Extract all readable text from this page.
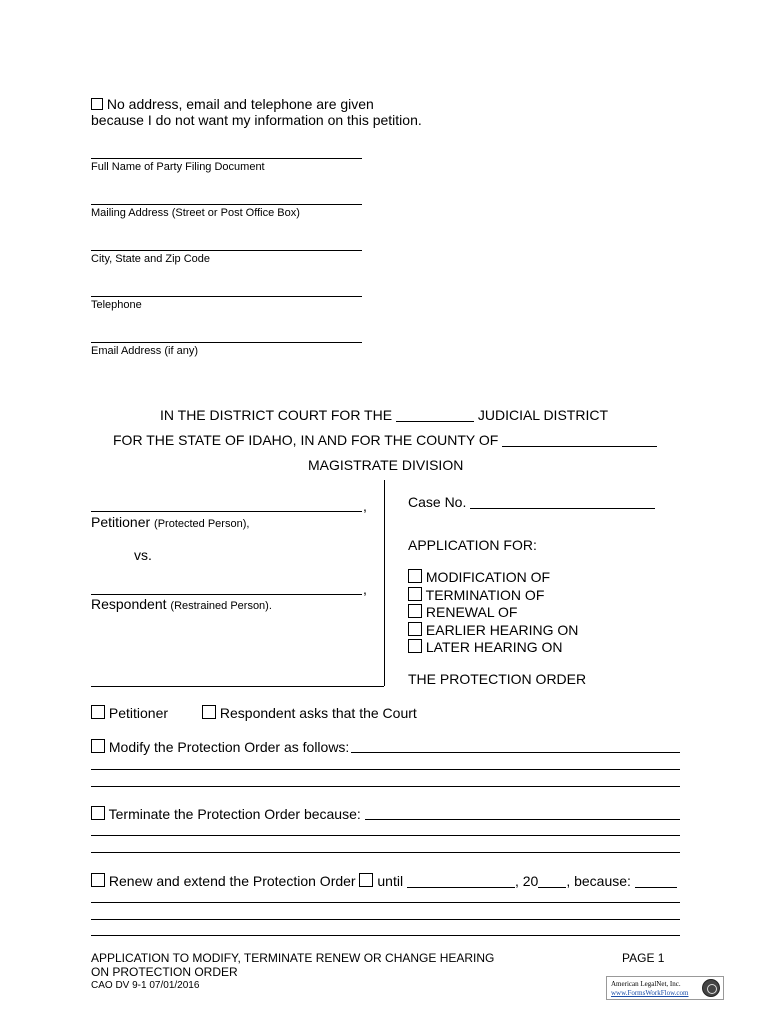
No address, email and telephone are given
because I do not want my information on this petition.
Full Name of Party Filing Document
Mailing Address (Street or Post Office Box)
City, State and Zip Code
Telephone
Email Address (if any)
IN THE DISTRICT COURT FOR THE	JUDICIAL DISTRICT
FOR THE STATE OF IDAHO, IN AND FOR THE COUNTY OF
MAGISTRATE DIVISION
,
Petitioner (Protected Person),
vs.
,
Respondent (Restrained Person).
Case No.
APPLICATION FOR:
MODIFICATION OF
TERMINATION OF
RENEWAL OF
EARLIER HEARING ON
LATER HEARING ON
THE PROTECTION ORDER
Petitioner	Respondent asks that the Court
Modify the Protection Order as follows:
Terminate the Protection Order because:
Renew and extend the Protection Order until	, 20 , because:
APPLICATION TO MODIFY, TERMINATE RENEW OR CHANGE HEARING
ON PROTECTION ORDER
CAO DV 9-1 07/01/2016
PAGE 1
American LegalNet, Inc.
www.FormsWorkFlow.com
